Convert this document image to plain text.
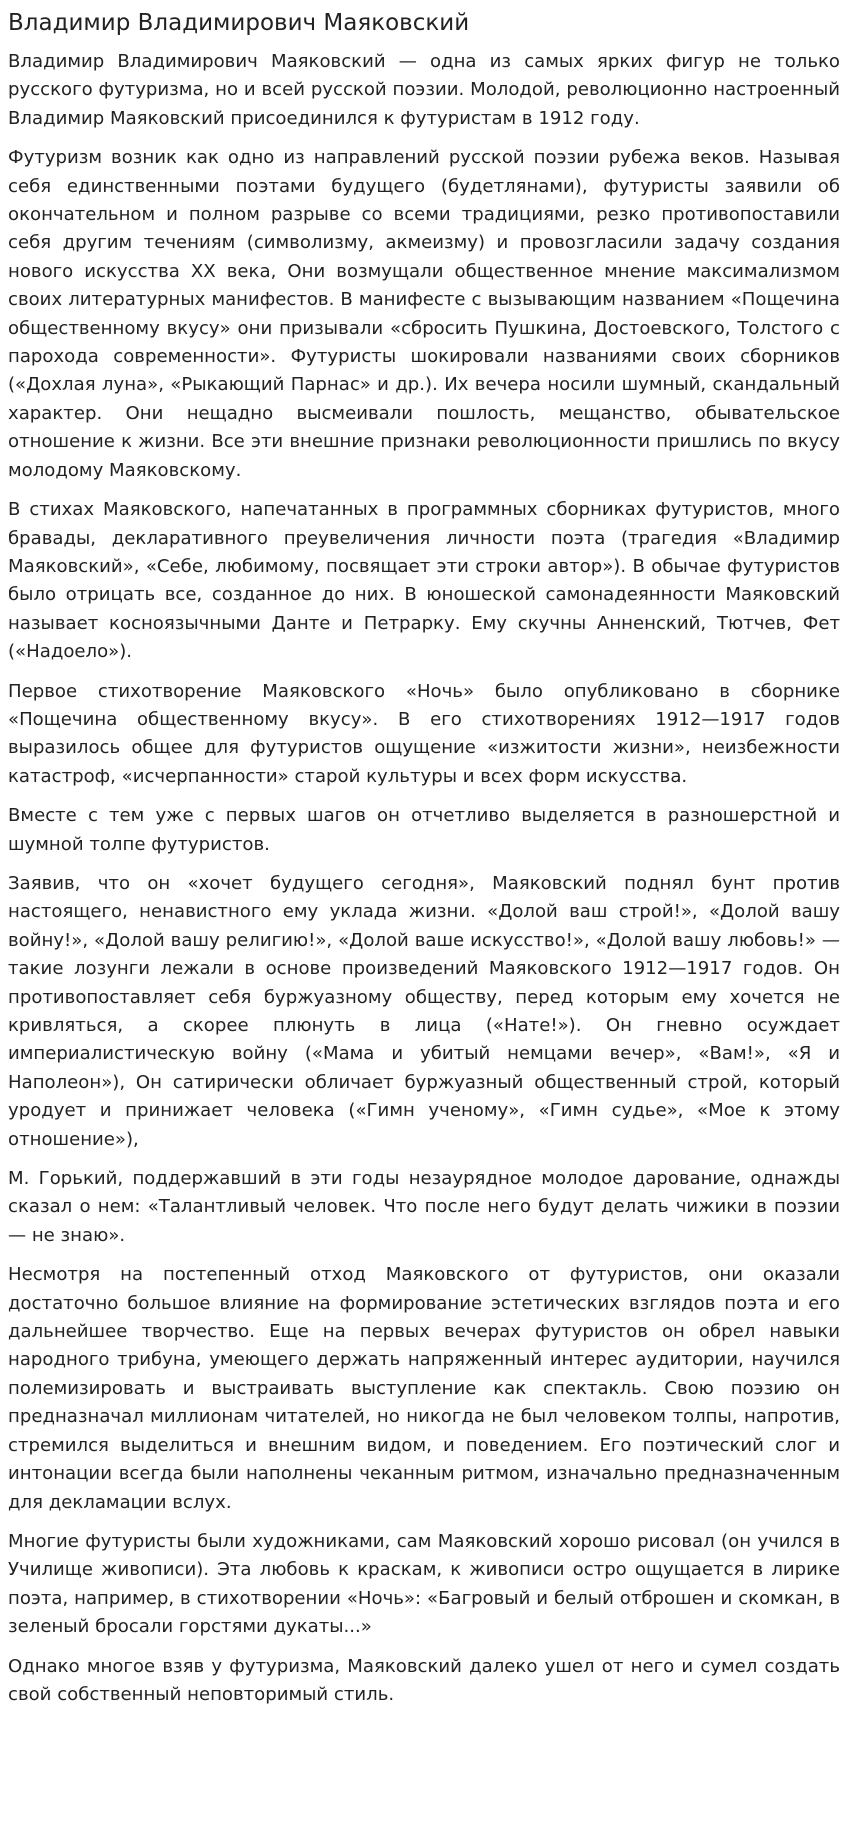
Владимир Владимирович Маяковский

Владимир Владимирович Маяковский — одна из самых ярких фигур не только русского футуризма, но и всей русской поэзии. Молодой, революционно настроенный Владимир Маяковский присоединился к футуристам в 1912 году.

Футуризм возник как одно из направлений русской поэзии рубежа веков. Называя себя единственными поэтами будущего (будетлянами), футуристы заявили об окончательном и полном разрыве со всеми традициями, резко противопоставили себя другим течениям (символизму, акмеизму) и провозгласили задачу создания нового искусства XX века, Они возмущали общественное мнение максимализмом своих литературных манифестов. В манифесте с вызывающим названием «Пощечина общественному вкусу» они призывали «сбросить Пушкина, Достоевского, Толстого с парохода современности». Футуристы шокировали названиями своих сборников («Дохлая луна», «Рыкающий Парнас» и др.). Их вечера носили шумный, скандальный характер. Они нещадно высмеивали пошлость, мещанство, обывательское отношение к жизни. Все эти внешние признаки революционности пришлись по вкусу молодому Маяковскому.

В стихах Маяковского, напечатанных в программных сборниках футуристов, много бравады, декларативного преувеличения личности поэта (трагедия «Владимир Маяковский», «Себе, любимому, посвящает эти строки автор»). В обычае футуристов было отрицать все, созданное до них. В юношеской самонадеянности Маяковский называет косноязычными Данте и Петрарку. Ему скучны Анненский, Тютчев, Фет («Надоело»).

Первое стихотворение Маяковского «Ночь» было опубликовано в сборнике «Пощечина общественному вкусу». В его стихотворениях 1912—1917 годов выразилось общее для футуристов ощущение «изжитости жизни», неизбежности катастроф, «исчерпанности» старой культуры и всех форм искусства.

Вместе с тем уже с первых шагов он отчетливо выделяется в разношерстной и шумной толпе футуристов.

Заявив, что он «хочет будущего сегодня», Маяковский поднял бунт против настоящего, ненавистного ему уклада жизни. «Долой ваш строй!», «Долой вашу войну!», «Долой вашу религию!», «Долой ваше искусство!», «Долой вашу любовь!» — такие лозунги лежали в основе произведений Маяковского 1912—1917 годов. Он противопоставляет себя буржуазному обществу, перед которым ему хочется не кривляться, а скорее плюнуть в лица («Нате!»). Он гневно осуждает империалистическую войну («Мама и убитый немцами вечер», «Вам!», «Я и Наполеон»), Он сатирически обличает буржуазный общественный строй, который уродует и принижает человека («Гимн ученому», «Гимн судье», «Мое к этому отношение»),

М. Горький, поддержавший в эти годы незаурядное молодое дарование, однажды сказал о нем: «Талантливый человек. Что после него будут делать чижики в поэзии — не знаю».

Несмотря на постепенный отход Маяковского от футуристов, они оказали достаточно большое влияние на формирование эстетических взглядов поэта и его дальнейшее творчество. Еще на первых вечерах футуристов он обрел навыки народного трибуна, умеющего держать напряженный интерес аудитории, научился полемизировать и выстраивать выступление как спектакль. Свою поэзию он предназначал миллионам читателей, но никогда не был человеком толпы, напротив, стремился выделиться и внешним видом, и поведением. Его поэтический слог и интонации всегда были наполнены чеканным ритмом, изначально предназначенным для декламации вслух.

Многие футуристы были художниками, сам Маяковский хорошо рисовал (он учился в Училище живописи). Эта любовь к краскам, к живописи остро ощущается в лирике поэта, например, в стихотворении «Ночь»: «Багровый и белый отброшен и скомкан, в зеленый бросали горстями дукаты...»

Однако многое взяв у футуризма, Маяковский далеко ушел от него и сумел создать свой собственный неповторимый стиль.
